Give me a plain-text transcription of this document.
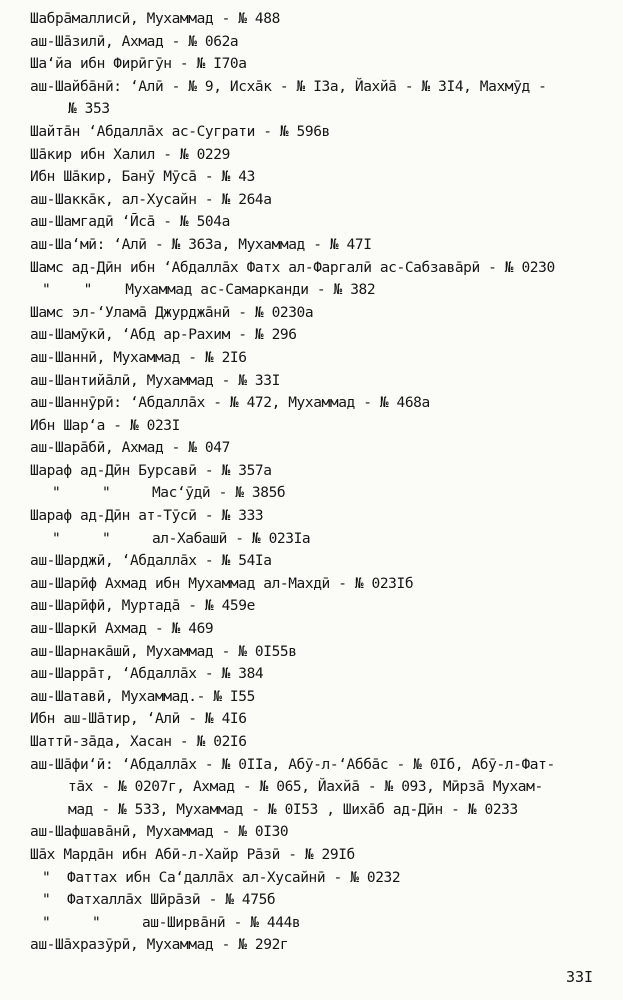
Шабра̄маллисӣ, Мухаммад - № 488
аш-Ша̄зилӣ, Ахмад - № 062а
Ша‘йа ибн Фирӣгӯн - № I70а
аш-Шайба̄нӣ: ‘Алӣ - № 9, Исха̄к - № I3а, Йахйа̄ - № 3I4, Махмӯд -
№ 353
Шайта̄н ‘Абдалла̄х ас-Суграти - № 596в
Ша̄кир ибн Халил - № 0229
Ибн Ша̄кир, Банӯ Мӯса̄ - № 43
аш-Шакка̄к, ал-Хусайн - № 264а
аш-Шамгадӣ ‘Ӣса̄ - № 504а
аш-Ша‘мӣ: ‘Алӣ - № 363а, Мухаммад - № 47I
Шамс ад-Дӣн ибн ‘Абдалла̄х Фатх ал-Фаргалӣ ас-Сабзава̄рӣ - № 0230
"    "    Мухаммад ас-Самарканди - № 382
Шамс эл-‘Улама̄ Джурджа̄нӣ - № 0230а
аш-Шамӯкӣ, ‘Абд ар-Рахим - № 296
аш-Шаннӣ, Мухаммад - № 2I6
аш-Шантийа̄лӣ, Мухаммад - № 33I
аш-Шаннӯрӣ: ‘Абдалла̄х - № 472, Мухаммад - № 468а
Ибн Шар‘а - № 023I
аш-Шара̄бӣ, Ахмад - № 047
Шараф ад-Дӣн Бурсавӣ - № 357а
"     "     Мас‘ӯдӣ - № 385б
Шараф ад-Дӣн ат-Тӯсӣ - № 333
"     "     ал-Хабашӣ - № 023Iа
аш-Шарджӣ, ‘Абдалла̄х - № 54Iа
аш-Шарӣф Ахмад ибн Мухаммад ал-Махдӣ - № 023Iб
аш-Шарӣфӣ, Муртада̄ - № 459е
аш-Шаркӣ Ахмад - № 469
аш-Шарнака̄шӣ, Мухаммад - № 0I55в
аш-Шарра̄т, ‘Абдалла̄х - № 384
аш-Шатавӣ, Мухаммад.- № I55
Ибн аш-Ша̄тир, ‘Алӣ - № 4I6
Шаттӣ-за̄да, Хасан - № 02I6
аш-Ша̄фи‘ӣ: ‘Абдалла̄х - № 0IIа, Абӯ-л-‘Абба̄с - № 0Iб, Абӯ-л-Фат-
та̄х - № 0207г, Ахмад - № 065, Йахйа̄ - № 093, Мӣрза̄ Мухам-
мад - № 533, Мухаммад - № 0I53 , Шиха̄б ад-Дӣн - № 0233
аш-Шафшава̄нӣ, Мухаммад - № 0I30
Ша̄х Марда̄н ибн Абӣ-л-Хайр Ра̄зӣ - № 29Iб
"  Фаттах ибн Са‘далла̄х ал-Хусайнӣ - № 0232
"  Фатхалла̄х Шӣра̄зӣ - № 475б
"     "     аш-Ширва̄нӣ - № 444в
аш-Ша̄хразӯрӣ, Мухаммад - № 292г
33I
